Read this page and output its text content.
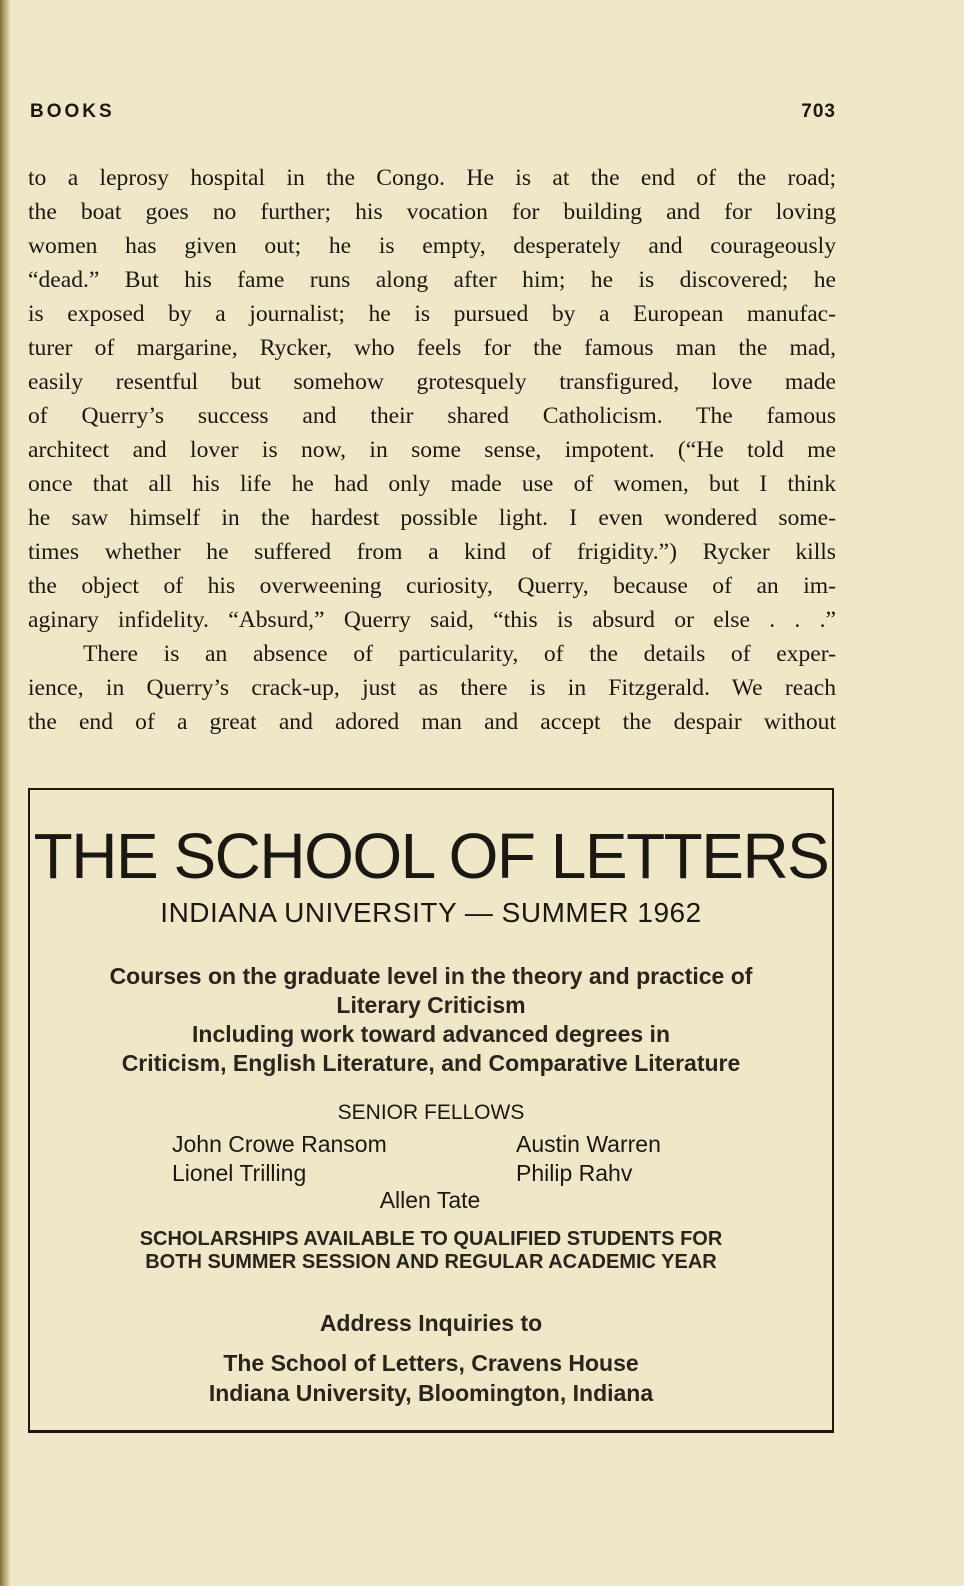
BOOKS	703
to a leprosy hospital in the Congo. He is at the end of the road;
the boat goes no further; his vocation for building and for loving
women has given out; he is empty, desperately and courageously
“dead.” But his fame runs along after him; he is discovered; he
is exposed by a journalist; he is pursued by a European manufac-
turer of margarine, Rycker, who feels for the famous man the mad,
easily resentful but somehow grotesquely transfigured, love made
of Querry’s success and their shared Catholicism. The famous
architect and lover is now, in some sense, impotent. (“He told me
once that all his life he had only made use of women, but I think
he saw himself in the hardest possible light. I even wondered some-
times whether he suffered from a kind of frigidity.”) Rycker kills
the object of his overweening curiosity, Querry, because of an im-
aginary infidelity. “Absurd,” Querry said, “this is absurd or else . . .”
There is an absence of particularity, of the details of exper-
ience, in Querry’s crack-up, just as there is in Fitzgerald. We reach
the end of a great and adored man and accept the despair without
THE SCHOOL OF LETTERS
INDIANA UNIVERSITY — SUMMER 1962
Courses on the graduate level in the theory and practice of
Literary Criticism
Including work toward advanced degrees in
Criticism, English Literature, and Comparative Literature
SENIOR FELLOWS
John Crowe Ransom	Austin Warren
Lionel Trilling	Philip Rahv
Allen Tate
SCHOLARSHIPS AVAILABLE TO QUALIFIED STUDENTS FOR
BOTH SUMMER SESSION AND REGULAR ACADEMIC YEAR
Address Inquiries to
The School of Letters, Cravens House
Indiana University, Bloomington, Indiana
